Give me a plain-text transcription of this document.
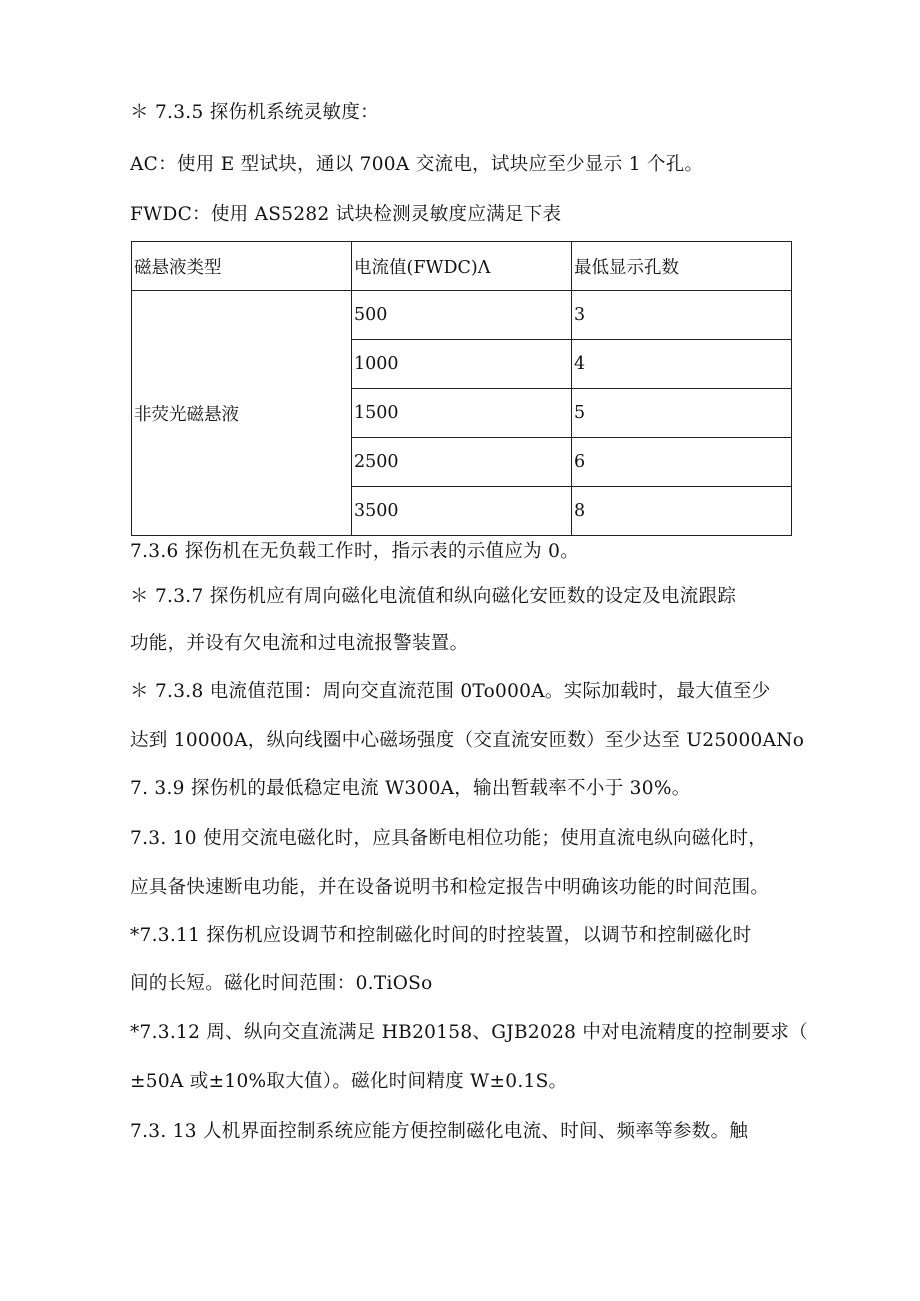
＊ 7.3.5 探伤机系统灵敏度：
AC：使用 E 型试块，通以 700A 交流电，试块应至少显示 1 个孔。
FWDC：使用 AS5282 试块检测灵敏度应满足下表
磁悬液类型	电流值(FWDC)Λ	最低显示孔数
非荧光磁悬液	500	3
	1000	4
	1500	5
	2500	6
	3500	8
7.3.6 探伤机在无负载工作时，指示表的示值应为 0。
＊ 7.3.7 探伤机应有周向磁化电流值和纵向磁化安匝数的设定及电流跟踪
功能，并设有欠电流和过电流报警装置。
＊ 7.3.8 电流值范围：周向交直流范围 0To000A。实际加载时，最大值至少
达到 10000A，纵向线圈中心磁场强度（交直流安匝数）至少达至 U25000ANo
7. 3.9 探伤机的最低稳定电流 W300A，输出暂载率不小于 30%。
7.3. 10 使用交流电磁化时，应具备断电相位功能；使用直流电纵向磁化时，
应具备快速断电功能，并在设备说明书和检定报告中明确该功能的时间范围。
*7.3.11 探伤机应设调节和控制磁化时间的时控装置，以调节和控制磁化时
间的长短。磁化时间范围：0.TiOSo
*7.3.12 周、纵向交直流满足 HB20158、GJB2028 中对电流精度的控制要求（
±50A 或±10%取大值）。磁化时间精度 W±0.1S。
7.3. 13 人机界面控制系统应能方便控制磁化电流、时间、频率等参数。触
